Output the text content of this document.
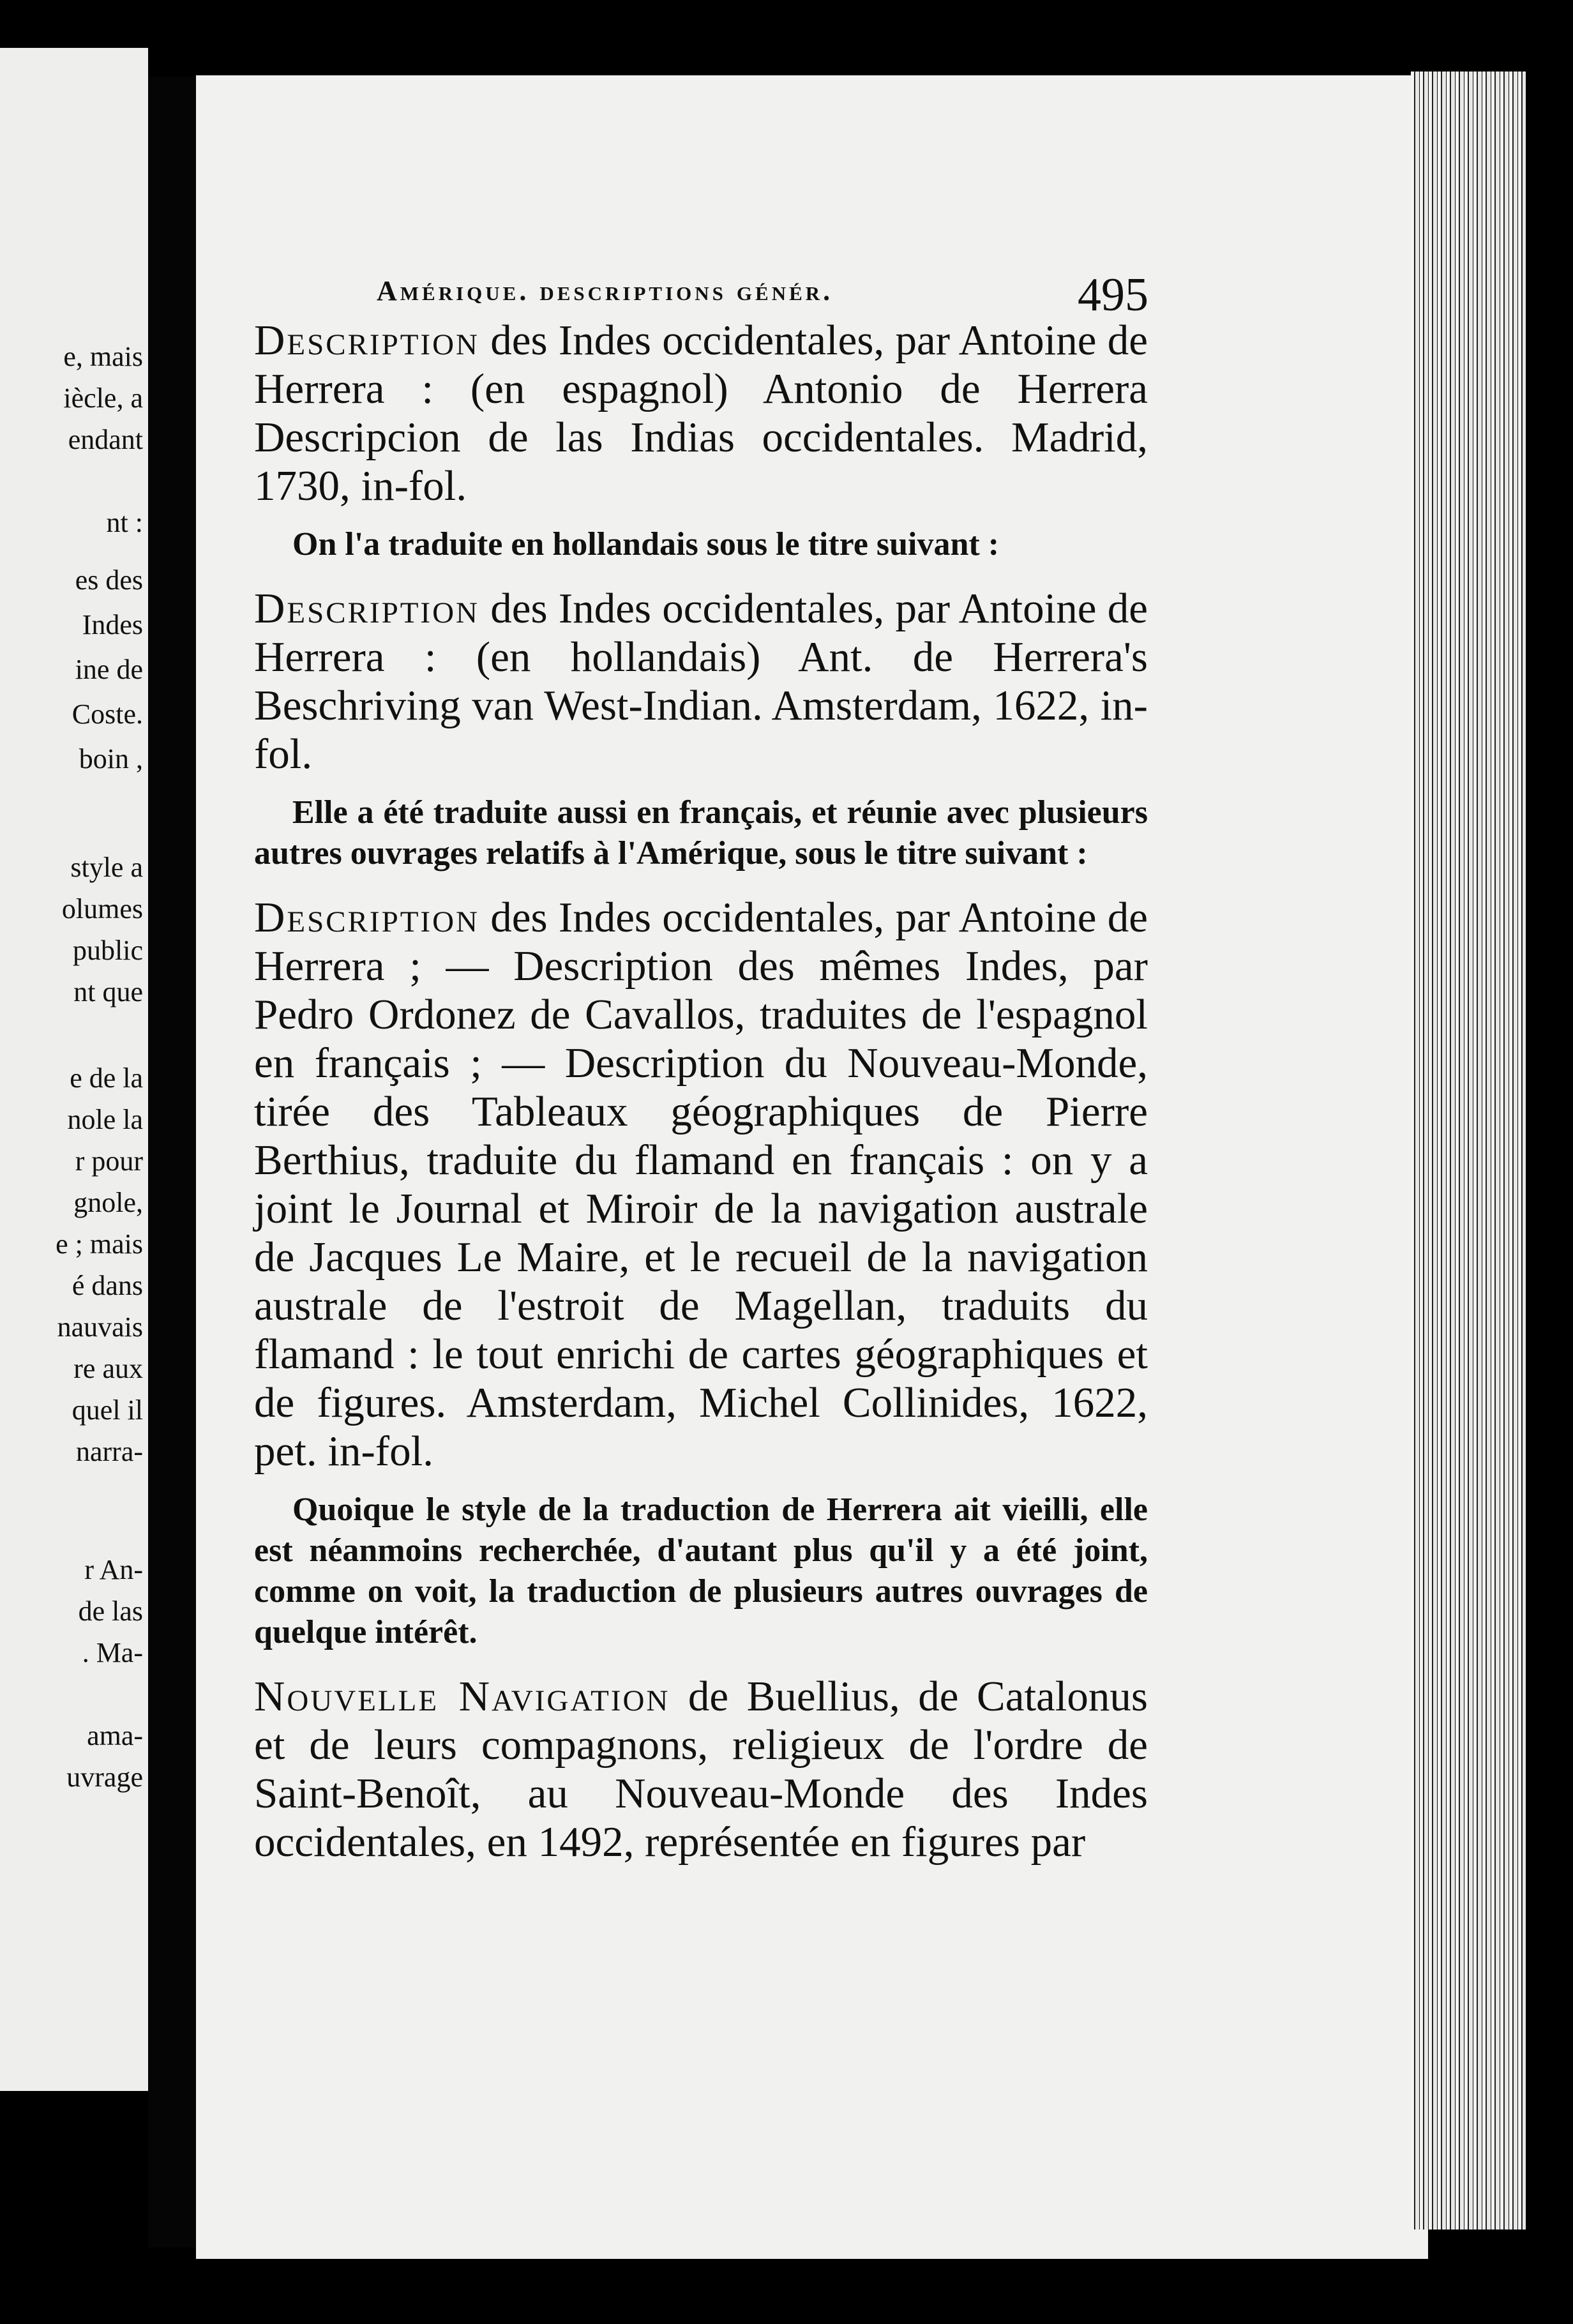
e, mais
iècle, a
endant
nt :
es des
Indes
ine de
Coste.
boin ,
style a
olumes
public
nt que
e de la
nole la
r pour
gnole,
e ; mais
é dans
nauvais
re aux
quel il
narra-
r An-
de las
. Ma-
ama-
uvrage
Amérique. descriptions génér.	495

Description des Indes occidentales, par Antoine de Herrera : (en espagnol) Antonio de Herrera Descripcion de las Indias occidentales. Madrid, 1730, in-fol.

On l'a traduite en hollandais sous le titre suivant :

Description des Indes occidentales, par Antoine de Herrera : (en hollandais) Ant. de Herrera's Beschriving van West-Indian. Amsterdam, 1622, in-fol.

Elle a été traduite aussi en français, et réunie avec plusieurs autres ouvrages relatifs à l'Amérique, sous le titre suivant :

Description des Indes occidentales, par Antoine de Herrera ; — Description des mêmes Indes, par Pedro Ordonez de Cavallos, traduites de l'espagnol en français ; — Description du Nouveau-Monde, tirée des Tableaux géographiques de Pierre Berthius, traduite du flamand en français : on y a joint le Journal et Miroir de la navigation australe de Jacques Le Maire, et le recueil de la navigation australe de l'estroit de Magellan, traduits du flamand : le tout enrichi de cartes géographiques et de figures. Amsterdam, Michel Collinides, 1622, pet. in-fol.

Quoique le style de la traduction de Herrera ait vieilli, elle est néanmoins recherchée, d'autant plus qu'il y a été joint, comme on voit, la traduction de plusieurs autres ouvrages de quelque intérêt.

Nouvelle Navigation de Buellius, de Catalonus et de leurs compagnons, religieux de l'ordre de Saint-Benoît, au Nouveau-Monde des Indes occidentales, en 1492, représentée en figures par
